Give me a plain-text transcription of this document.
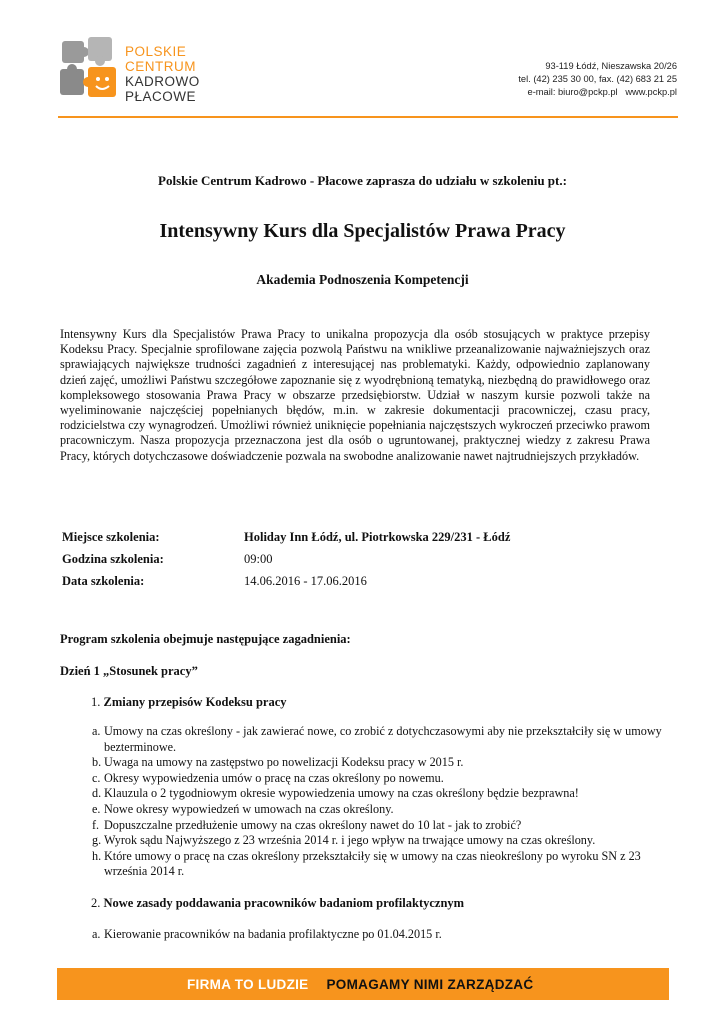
POLSKIE
CENTRUM
KADROWO
PŁACOWE
93-119 Łódź, Nieszawska 20/26
tel. (42) 235 30 00, fax. (42) 683 21 25
e-mail: biuro@pckp.pl   www.pckp.pl
Polskie Centrum Kadrowo - Płacowe zaprasza do udziału w szkoleniu pt.:
Intensywny Kurs dla Specjalistów Prawa Pracy
Akademia Podnoszenia Kompetencji
Intensywny Kurs dla Specjalistów Prawa Pracy to unikalna propozycja dla osób stosujących w praktyce przepisy Kodeksu Pracy. Specjalnie sprofilowane zajęcia pozwolą Państwu na wnikliwe przeanalizowanie najważniejszych oraz sprawiających największe trudności zagadnień z interesującej nas problematyki. Każdy, odpowiednio zaplanowany dzień zajęć, umożliwi Państwu szczegółowe zapoznanie się z wyodrębnioną tematyką, niezbędną do prawidłowego oraz kompleksowego stosowania Prawa Pracy w obszarze przedsiębiorstw. Udział w naszym kursie pozwoli także na wyeliminowanie najczęściej popełnianych błędów, m.in. w zakresie dokumentacji pracowniczej, czasu pracy, rodzicielstwa czy wynagrodzeń. Umożliwi również uniknięcie popełniania najczęstszych wykroczeń przeciwko prawom pracowniczym. Nasza propozycja przeznaczona jest dla osób o ugruntowanej, praktycznej wiedzy z zakresu Prawa Pracy, których dotychczasowe doświadczenie pozwala na swobodne analizowanie nawet najtrudniejszych przykładów.
Miejsce szkolenia:	Holiday Inn Łódź, ul. Piotrkowska 229/231 - Łódź
Godzina szkolenia:	09:00
Data szkolenia:	14.06.2016 - 17.06.2016
Program szkolenia obejmuje następujące zagadnienia:
Dzień 1 „Stosunek pracy”
1. Zmiany przepisów Kodeksu pracy
a. Umowy na czas określony - jak zawierać nowe, co zrobić z dotychczasowymi aby nie przekształciły się w umowy bezterminowe.
b. Uwaga na umowy na zastępstwo po nowelizacji Kodeksu pracy w 2015 r.
c. Okresy wypowiedzenia umów o pracę na czas określony po nowemu.
d. Klauzula o 2 tygodniowym okresie wypowiedzenia umowy na czas określony będzie bezprawna!
e. Nowe okresy wypowiedzeń w umowach na czas określony.
f. Dopuszczalne przedłużenie umowy na czas określony nawet do 10 lat - jak to zrobić?
g. Wyrok sądu Najwyższego z 23 września 2014 r. i jego wpływ na trwające umowy na czas określony.
h. Które umowy o pracę na czas określony przekształciły się w umowy na czas nieokreślony po wyroku SN z 23 września 2014 r.
2. Nowe zasady poddawania pracowników badaniom profilaktycznym
a. Kierowanie pracowników na badania profilaktyczne po 01.04.2015 r.
FIRMA TO LUDZIE POMAGAMY NIMI ZARZĄDZAĆ
